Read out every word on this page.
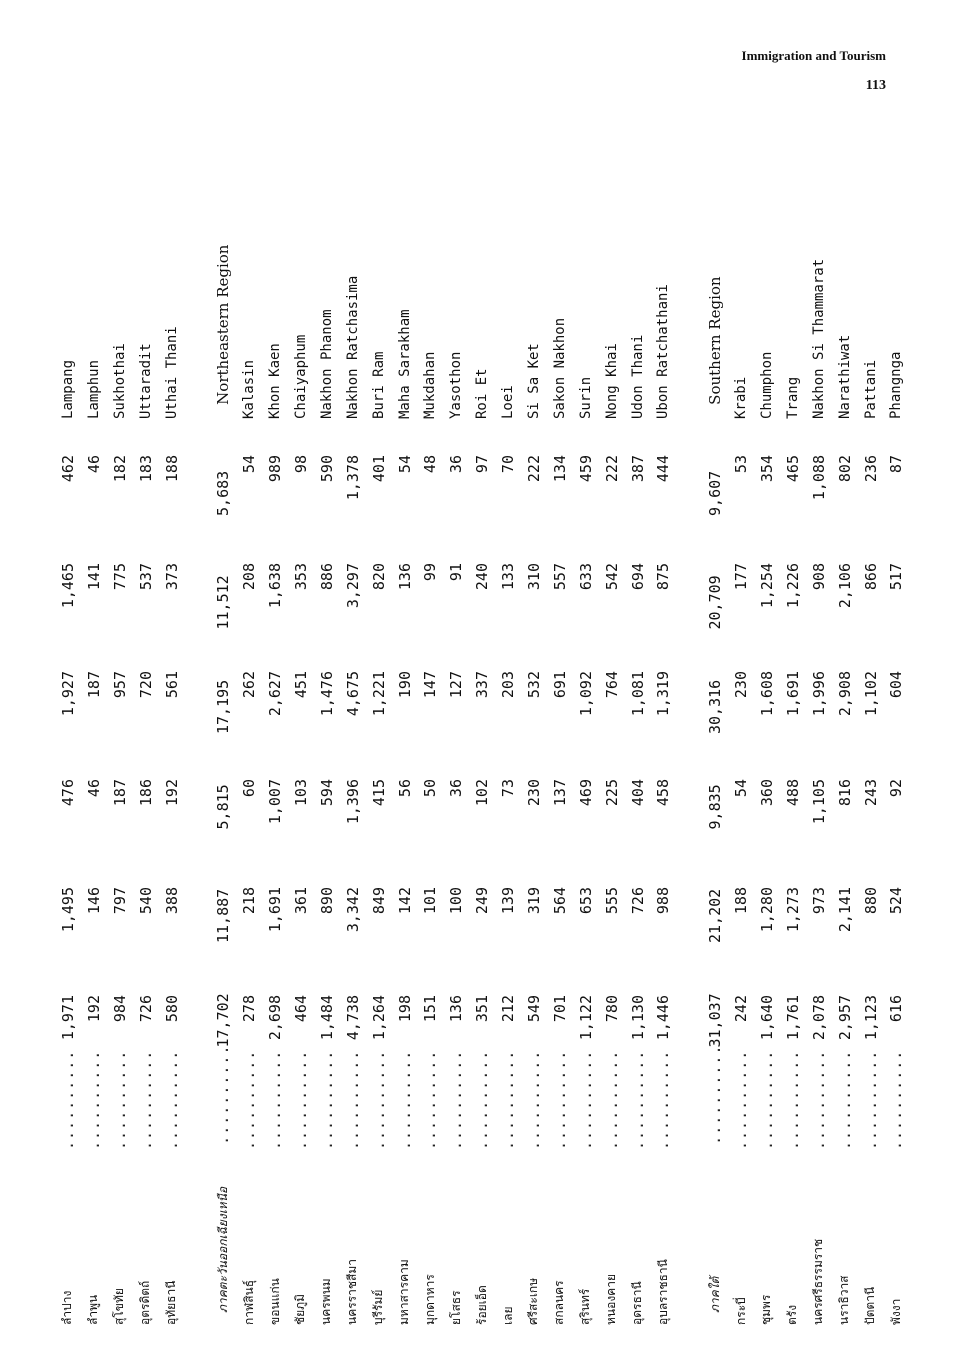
Immigration and Tourism
113
ลำปาง
..........
1,971
1,495
476
1,927
1,465
462
Lampang
ลำพูน
..........
192
146
46
187
141
46
Lamphun
สุโขทัย
..........
984
797
187
957
775
182
Sukhothai
อุตรดิตถ์
..........
726
540
186
720
537
183
Uttaradit
อุทัยธานี
..........
580
388
192
561
373
188
Uthai Thani
ภาคตะวันออกเฉียงเหนือ
..........
17,702
11,887
5,815
17,195
11,512
5,683
Northeastern Region
กาฬสินธุ์
..........
278
218
60
262
208
54
Kalasin
ขอนแก่น
..........
2,698
1,691
1,007
2,627
1,638
989
Khon Kaen
ชัยภูมิ
..........
464
361
103
451
353
98
Chaiyaphum
นครพนม
..........
1,484
890
594
1,476
886
590
Nakhon Phanom
นครราชสีมา
..........
4,738
3,342
1,396
4,675
3,297
1,378
Nakhon Ratchasima
บุรีรัมย์
..........
1,264
849
415
1,221
820
401
Buri Ram
มหาสารคาม
..........
198
142
56
190
136
54
Maha Sarakham
มุกดาหาร
..........
151
101
50
147
99
48
Mukdahan
ยโสธร
..........
136
100
36
127
91
36
Yasothon
ร้อยเอ็ด
..........
351
249
102
337
240
97
Roi Et
เลย
..........
212
139
73
203
133
70
Loei
ศรีสะเกษ
..........
549
319
230
532
310
222
Si Sa Ket
สกลนคร
..........
701
564
137
691
557
134
Sakon Nakhon
สุรินทร์
..........
1,122
653
469
1,092
633
459
Surin
หนองคาย
..........
780
555
225
764
542
222
Nong Khai
อุดรธานี
..........
1,130
726
404
1,081
694
387
Udon Thani
อุบลราชธานี
..........
1,446
988
458
1,319
875
444
Ubon Ratchathani
ภาคใต้
..........
31,037
21,202
9,835
30,316
20,709
9,607
Southern Region
กระบี่
..........
242
188
54
230
177
53
Krabi
ชุมพร
..........
1,640
1,280
360
1,608
1,254
354
Chumphon
ตรัง
..........
1,761
1,273
488
1,691
1,226
465
Trang
นครศรีธรรมราช
..........
2,078
973
1,105
1,996
908
1,088
Nakhon Si Thammarat
นราธิวาส
..........
2,957
2,141
816
2,908
2,106
802
Narathiwat
ปัตตานี
..........
1,123
880
243
1,102
866
236
Pattani
พังงา
..........
616
524
92
604
517
87
Phangnga
